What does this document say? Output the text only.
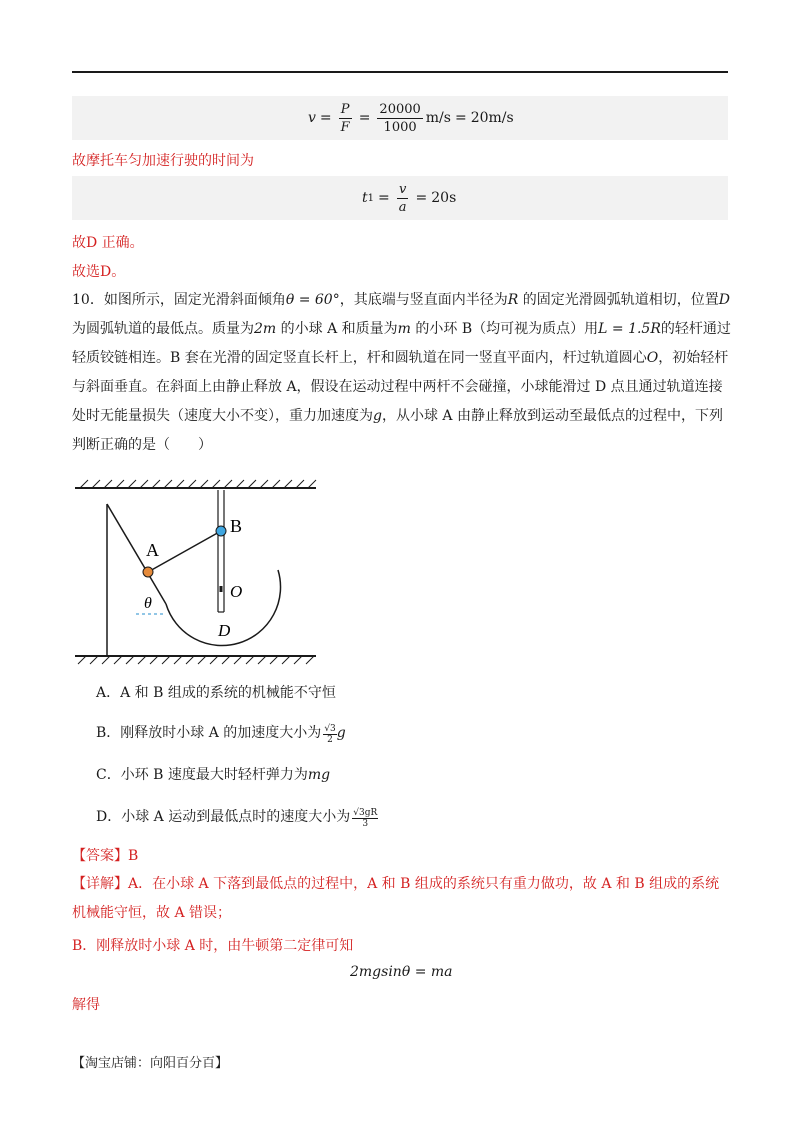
$v = \frac{P}{F} = \frac{20000}{1000} m/s = 20m/s$
故摩托车匀加速行驶的时间为
t $1 = \frac{v}{a} = 20s$
故D 正确。
故选D。
10．如图所示，固定光滑斜面倾角θ = 60°，其底端与竖直面内半径为R 的固定光滑圆弧轨道相切，位置D为圆弧轨道的最低点。质量为2m 的小球 A 和质量为m 的小环 B（均可视为质点）用L = 1.5R的轻杆通过轻质铰链相连。B 套在光滑的固定竖直长杆上，杆和圆轨道在同一竖直平面内，杆过轨道圆心O，初始轻杆与斜面垂直。在斜面上由静止释放 A，假设在运动过程中两杆不会碰撞，小球能滑过 D 点且通过轨道连接处时无能量损失（速度大小不变），重力加速度为g，从小球 A 由静止释放到运动至最低点的过程中，下列判断正确的是（　　）
A
B
O
D
θ
A．A 和 B 组成的系统的机械能不守恒
B．刚释放时小球 A 的加速度大小为 $\frac{√3}{2}$ g
C．小环 B 速度最大时轻杆弹力为mg
D．小球 A 运动到最低点时的速度大小为 $\frac{√3gR}{3}$
【答案】B
【详解】A．在小球 A 下落到最低点的过程中，A 和 B 组成的系统只有重力做功，故 A 和 B 组成的系统机械能守恒，故 A 错误；
B．刚释放时小球 A 时，由牛顿第二定律可知
2mgsinθ = ma
解得
【淘宝店铺：向阳百分百】
